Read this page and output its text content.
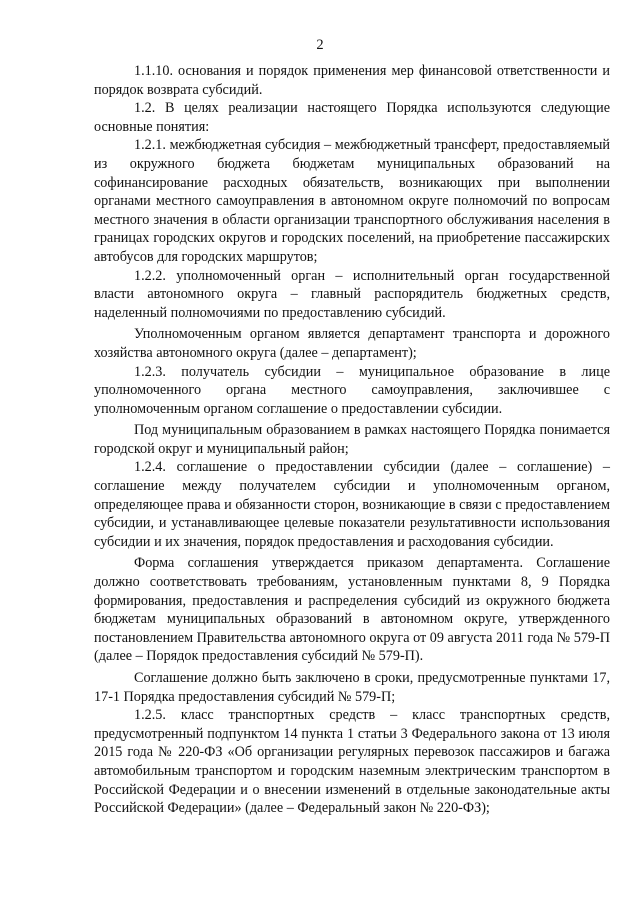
2

1.1.10. основания и порядок применения мер финансовой ответственности и порядок возврата субсидий.

1.2. В целях реализации настоящего Порядка используются следующие основные понятия:

1.2.1. межбюджетная субсидия – межбюджетный трансферт, предоставляемый из окружного бюджета бюджетам муниципальных образований на софинансирование расходных обязательств, возникающих при выполнении органами местного самоуправления в автономном округе полномочий по вопросам местного значения в области организации транспортного обслуживания населения в границах городских округов и городских поселений, на приобретение пассажирских автобусов для городских маршрутов;

1.2.2. уполномоченный орган – исполнительный орган государственной власти автономного округа – главный распорядитель бюджетных средств, наделенный полномочиями по предоставлению субсидий.

Уполномоченным органом является департамент транспорта и дорожного хозяйства автономного округа (далее – департамент);

1.2.3. получатель субсидии – муниципальное образование в лице уполномоченного органа местного самоуправления, заключившее с уполномоченным органом соглашение о предоставлении субсидии.

Под муниципальным образованием в рамках настоящего Порядка понимается городской округ и муниципальный район;

1.2.4. соглашение о предоставлении субсидии (далее – соглашение) – соглашение между получателем субсидии и уполномоченным органом, определяющее права и обязанности сторон, возникающие в связи с предоставлением субсидии, и устанавливающее целевые показатели результативности использования субсидии и их значения, порядок предоставления и расходования субсидии.

Форма соглашения утверждается приказом департамента. Соглашение должно соответствовать требованиям, установленным пунктами 8, 9 Порядка формирования, предоставления и распределения субсидий из окружного бюджета бюджетам муниципальных образований в автономном округе, утвержденного постановлением Правительства автономного округа от 09 августа 2011 года № 579-П (далее – Порядок предоставления субсидий № 579-П).

Соглашение должно быть заключено в сроки, предусмотренные пунктами 17, 17-1 Порядка предоставления субсидий № 579-П;

1.2.5. класс транспортных средств – класс транспортных средств, предусмотренный подпунктом 14 пункта 1 статьи 3 Федерального закона от 13 июля 2015 года № 220-ФЗ «Об организации регулярных перевозок пассажиров и багажа автомобильным транспортом и городским наземным электрическим транспортом в Российской Федерации и о внесении изменений в отдельные законодательные акты Российской Федерации» (далее – Федеральный закон № 220-ФЗ);
